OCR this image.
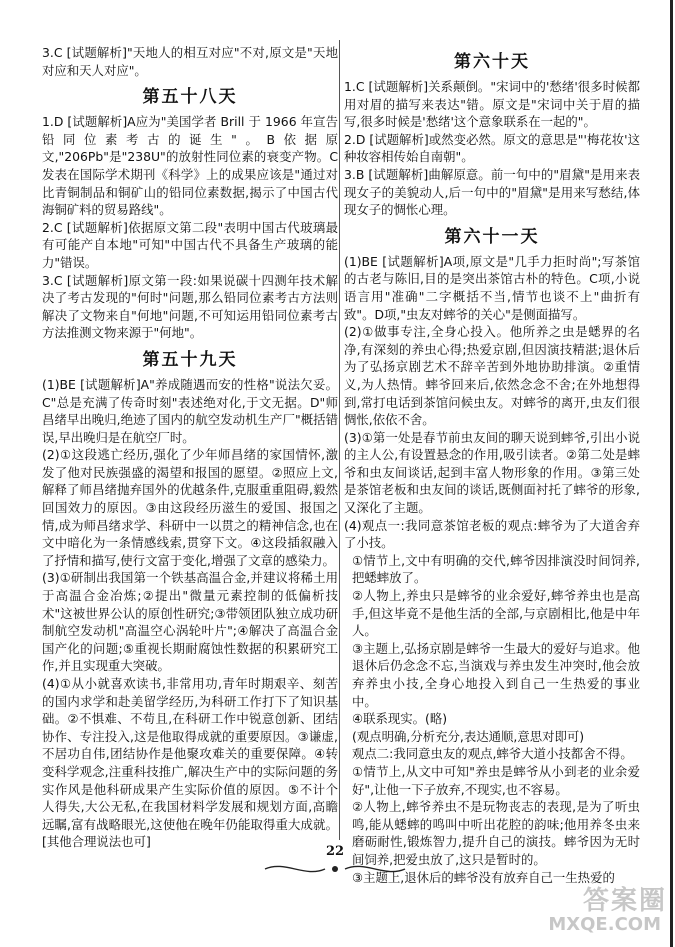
3.C [试题解析]"天地人的相互对应"不对,原文是"天地对应和天人对应"。
第五十八天
1.D [试题解析]A应为"美国学者 Brill 于 1966 年宣告铅同位素考古的诞生"。B依据原文,"206Pb"是"238U"的放射性同位素的衰变产物。C发表在国际学术期刊《科学》上的成果应该是"通过对比青铜制品和铜矿山的铅同位素数据,揭示了中国古代海铜矿料的贸易路线"。
2.C [试题解析]依据原文第二段"表明中国古代玻璃最有可能产自本地"可知"中国古代不具备生产玻璃的能力"错误。
3.C [试题解析]原文第一段:如果说碳十四测年技术解决了考古发现的"何时"问题,那么铅同位素考古方法则解决了文物来自"何地"问题,不可知运用铅同位素考古方法推测文物来源于"何地"。
第五十九天
(1)BE [试题解析]A"养成随遇而安的性格"说法欠妥。C"总是充满了传奇时刻"表述绝对化,于文无据。D"师昌绪早出晚归,绝迹了国内的航空发动机生产厂"概括错误,早出晚归是在航空厂时。
(2)①这段逃亡经历,强化了少年师昌绪的家国情怀,激发了他对民族强盛的渴望和报国的愿望。②照应上文,解释了师昌绪抛弃国外的优越条件,克服重重阻碍,毅然回国效力的原因。③由这段经历滋生的爱国、报国之情,成为师昌绪求学、科研中一以贯之的精神信念,也在文中暗化为一条情感线索,贯穿下文。④这段插叙融入了抒情和描写,使行文富于变化,增强了文章的感染力。
(3)①研制出我国第一个铁基高温合金,并建议将稀土用于高温合金冶炼;②提出"微量元素控制的低偏析技术"这被世界公认的原创性研究;③带领团队独立成功研制航空发动机"高温空心涡轮叶片";④解决了高温合金国产化的问题;⑤重视长期耐腐蚀性数据的积累研究工作,并且实现重大突破。
(4)①从小就喜欢读书,非常用功,青年时期艰辛、刻苦的国内求学和赴美留学经历,为科研工作打下了知识基础。②不惧难、不苟且,在科研工作中锐意创新、团结协作、专注投入,这是他取得成就的重要原因。③谦虚,不居功自伟,团结协作是他聚攻难关的重要保障。④转变科学观念,注重科技推广,解决生产中的实际问题的务实作风是他科研成果产生实际价值的原因。⑤不计个人得失,大公无私,在我国材料学发展和规划方面,高瞻远瞩,富有战略眼光,这使他在晚年仍能取得重大成就。[其他合理说法也可]
第六十天
1.C [试题解析]关系颠倒。"宋词中的'愁绪'很多时候都用对眉的描写来表达"错。原文是"宋词中关于眉的描写,很多时候是'愁绪'这个意象联系在一起的"。
2.D [试题解析]或然变必然。原文的意思是"'梅花妆'这种妆容相传始自南朝"。
3.B [试题解析]曲解原意。前一句中的"眉黛"是用来表现女子的美貌动人,后一句中的"眉黛"是用来写愁结,体现女子的惆怅心理。
第六十一天
(1)BE [试题解析]A项,原文是"几手力拒时尚";写茶馆的古老与陈旧,目的是突出茶馆古朴的特色。C项,小说语言用"准确"二字概括不当,情节也谈不上"曲折有致"。D项,"虫友对蟀爷的关心"是侧面描写。
(2)①做事专注,全身心投入。他所养之虫是蟋界的名净,有深刻的养虫心得;热爱京剧,但因演技精湛;退休后为了弘扬京剧艺术不辞辛苦到外地协助排演。②重情义,为人热情。蟀爷回来后,依然念念不舍;在外地想得到,常打电话到茶馆问候虫友。对蟀爷的离开,虫友们很惆怅,依依不舍。
(3)①第一处是春节前虫友间的聊天说到蟀爷,引出小说的主人公,有设置悬念的作用,吸引读者。②第二处是蟀爷和虫友间谈话,起到丰富人物形象的作用。③第三处是茶馆老板和虫友间的谈话,既侧面衬托了蟀爷的形象,又深化了主题。
(4)观点一:我同意茶馆老板的观点:蟀爷为了大道舍弃了小技。
①情节上,文中有明确的交代,蟀爷因排演没时间饲养,把蟋蟀放了。
②人物上,养虫只是蟀爷的业余爱好,蟀爷养虫也是高手,但这毕竟不是他生活的全部,与京剧相比,他是中年人。
③主题上,弘扬京剧是蟀爷一生最大的爱好与追求。他退休后仍念念不忘,当演戏与养虫发生冲突时,他会放弃养虫小技,全身心地投入到自己一生热爱的事业中。
④联系现实。(略)
(观点明确,分析充分,表达通顺,意思对即可)
观点二:我同意虫友的观点,蟀爷大道小技都舍不得。
①情节上,从文中可知"养虫是蟀爷从小到老的业余爱好",让他一下子放弃,不现实,也不容易。
②人物上,蟀爷养虫不是玩物丧志的表现,是为了听虫鸣,能从蟋蟀的鸣叫中听出花腔的韵味;他用养冬虫来磨砺耐性,锻炼智力,提升自己的演技。蟀爷因为无时间饲养,把爱虫放了,这只是暂时的。
③主题上,退休后的蟀爷没有放弃自己一生热爱的
22
答案圈
MXQE.COM
